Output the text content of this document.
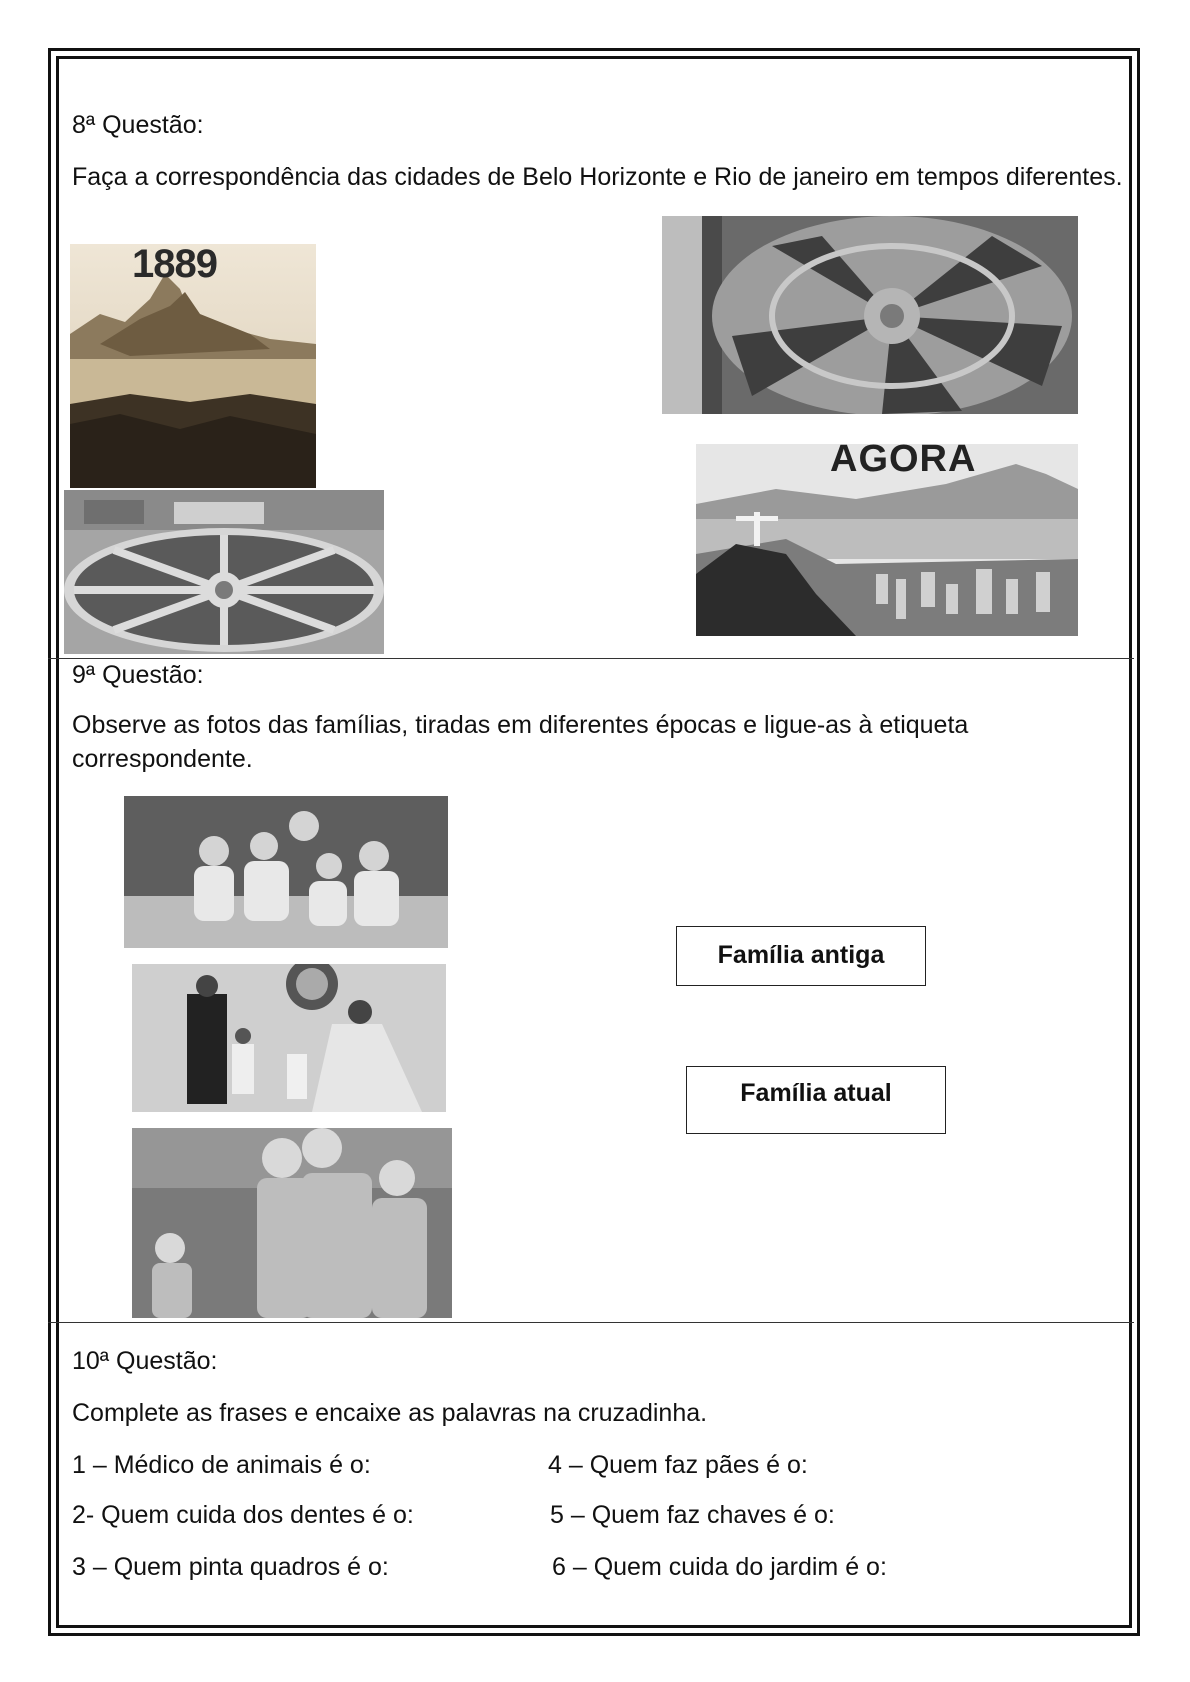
8ª Questão:
Faça a correspondência das cidades de Belo Horizonte e Rio de janeiro em tempos diferentes.
1889
AGORA
9ª Questão:
Observe as fotos das famílias, tiradas em diferentes épocas e ligue-as à etiqueta correspondente.
Família antiga
Família atual
10ª Questão:
Complete as frases e encaixe as palavras na cruzadinha.
1 – Médico de animais é o:
2- Quem cuida dos dentes é o:
3 – Quem pinta quadros é o:
4 – Quem faz pães é o:
5 – Quem faz chaves é o:
6 – Quem cuida do jardim é o:
